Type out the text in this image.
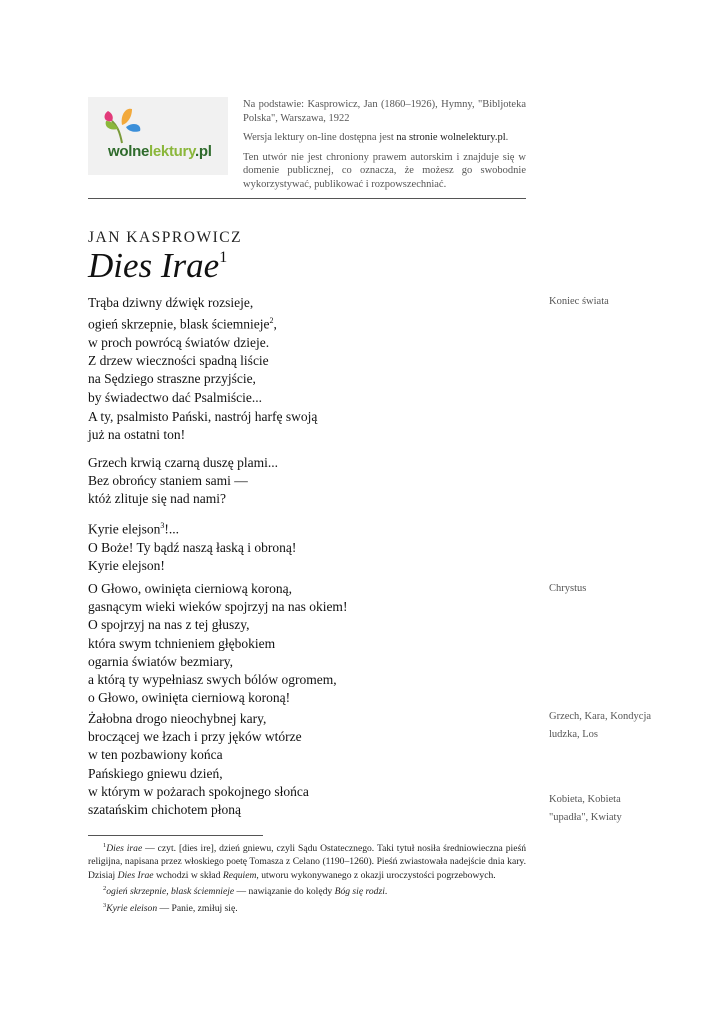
wolnelektury.pl

Na podstawie: Kasprowicz, Jan (1860–1926), Hymny, "Bibljoteka Polska", Warszawa, 1922

Wersja lektury on-line dostępna jest na stronie wolnelektury.pl.

Ten utwór nie jest chroniony prawem autorskim i znajduje się w domenie publicznej, co oznacza, że możesz go swobodnie wykorzystywać, publikować i rozpowszechniać.

JAN KASPROWICZ
Dies Irae$^1$
Trąba dziwny dźwięk rozsieje,
ogień skrzepnie, blask ściemnieje$^2$,
w proch powrócą światów dzieje.
Z drzew wieczności spadną liście
na Sędziego straszne przyjście,
by świadectwo dać Psalmiście...
A ty, psalmisto Pański, nastrój harfę swoją
już na ostatni ton!
Grzech krwią czarną duszę plami...
Bez obrońcy staniem sami —
któż zlituje się nad nami?
Kyrie elejson$^3$!...
O Boże! Ty bądź naszą łaską i obroną!
Kyrie elejson!
O Głowo, owinięta cierniową koroną,
gasnącym wieki wieków spojrzyj na nas okiem!
O spojrzyj na nas z tej głuszy,
która swym tchnieniem głębokiem
ogarnia światów bezmiary,
a którą ty wypełniasz swych bólów ogromem,
o Głowo, owinięta cierniową koroną!
Żałobna drogo nieochybnej kary,
broczącej we łzach i przy jęków wtórze
w ten pozbawiony końca
Pańskiego gniewu dzień,
w którym w pożarach spokojnego słońca
szatańskim chichotem płoną
Koniec świata
Chrystus
Grzech, Kara, Kondycja ludzka, Los
Kobieta, Kobieta "upadła", Kwiaty

$^1$Dies irae — czyt. [dies ire], dzień gniewu, czyli Sądu Ostatecznego. Taki tytuł nosiła średniowieczna pieśń religijna, napisana przez włoskiego poetę Tomasza z Celano (1190–1260). Pieśń zwiastowała nadejście dnia kary. Dzisiaj Dies Irae wchodzi w skład Requiem, utworu wykonywanego z okazji uroczystości pogrzebowych.

$^2$ogień skrzepnie, blask ściemnieje — nawiązanie do kolędy Bóg się rodzi.

$^3$Kyrie eleison — Panie, zmiłuj się.
